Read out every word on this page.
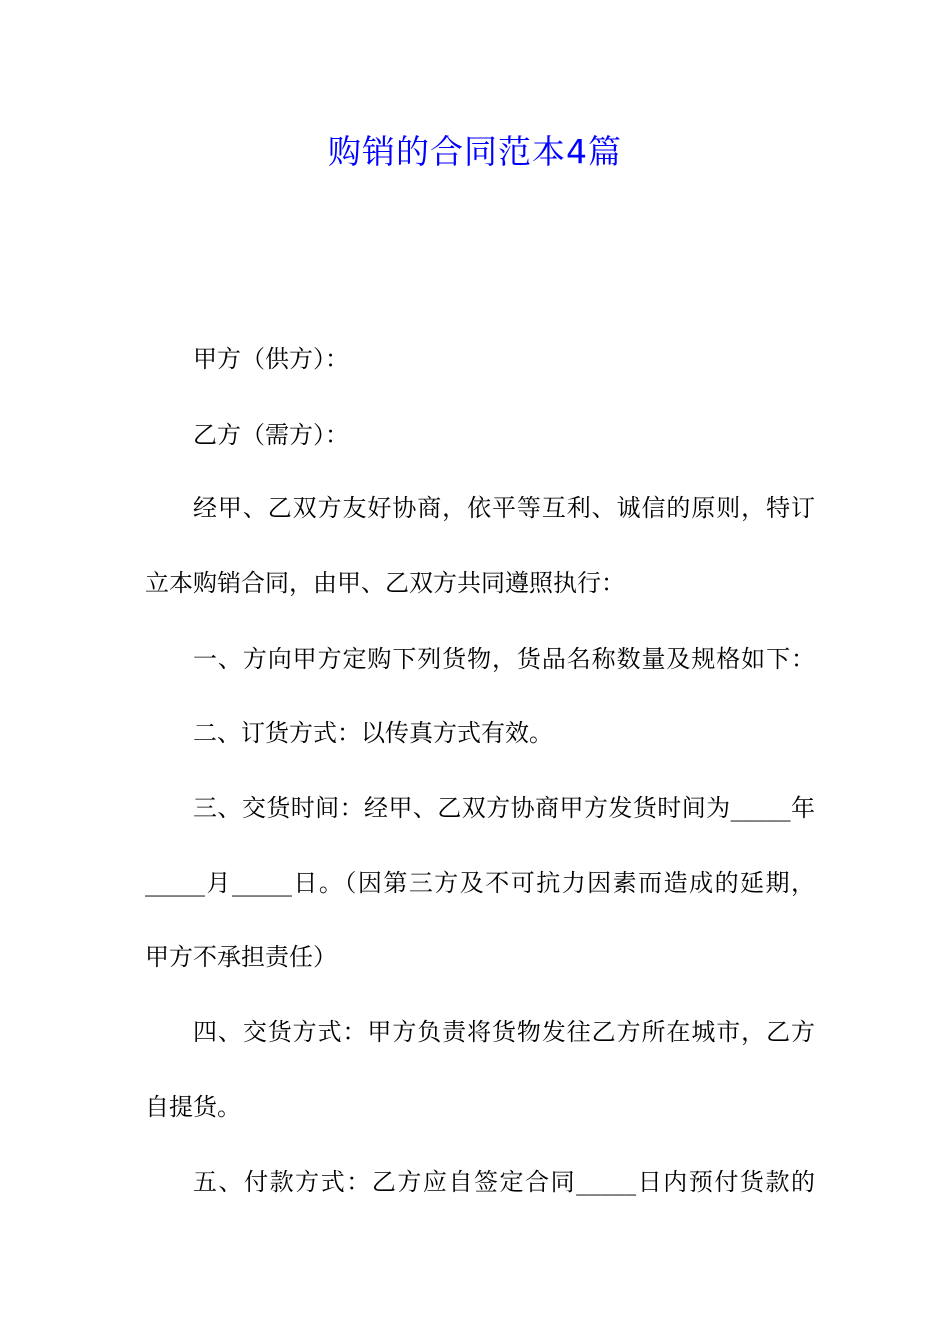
购销的合同范本4篇

甲方（供方）：

乙方（需方）：

经甲、乙双方友好协商，依平等互利、诚信的原则，特订

立本购销合同，由甲、乙双方共同遵照执行：

一、方向甲方定购下列货物，货品名称数量及规格如下：

二、订货方式：以传真方式有效。

三、交货时间：经甲、乙双方协商甲方发货时间为_____年

_____月_____日。（因第三方及不可抗力因素而造成的延期，

甲方不承担责任）

四、交货方式：甲方负责将货物发往乙方所在城市，乙方

自提货。

五、付款方式：乙方应自签定合同_____日内预付货款的
